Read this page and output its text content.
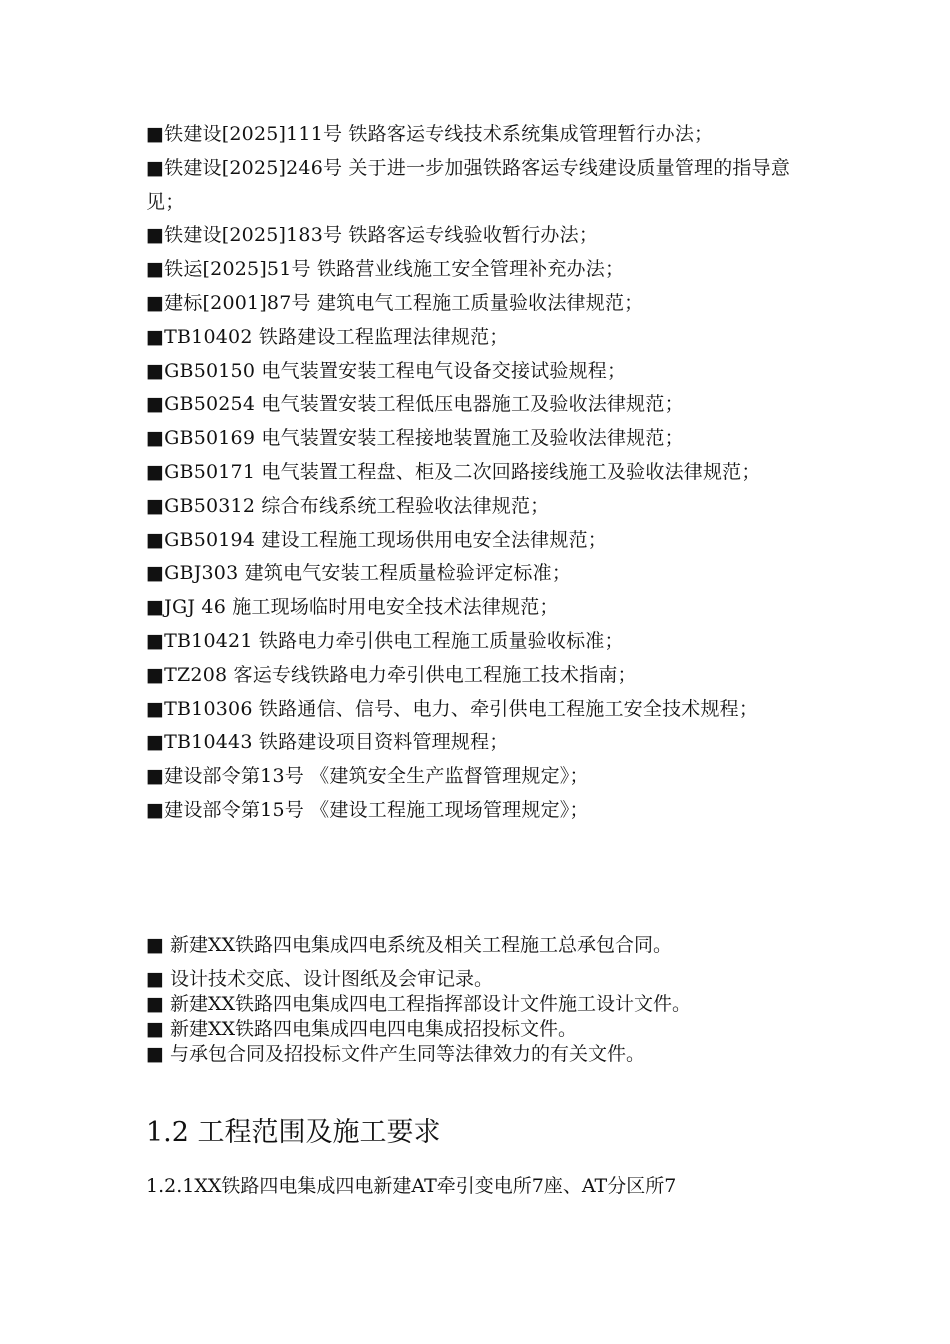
■铁建设[2025]111号 铁路客运专线技术系统集成管理暂行办法；
■铁建设[2025]246号 关于进一步加强铁路客运专线建设质量管理的指导意见；
■铁建设[2025]183号 铁路客运专线验收暂行办法；
■铁运[2025]51号 铁路营业线施工安全管理补充办法；
■建标[2001]87号 建筑电气工程施工质量验收法律规范；
■TB10402 铁路建设工程监理法律规范；
■GB50150 电气装置安装工程电气设备交接试验规程；
■GB50254 电气装置安装工程低压电器施工及验收法律规范；
■GB50169 电气装置安装工程接地装置施工及验收法律规范；
■GB50171 电气装置工程盘、柜及二次回路接线施工及验收法律规范；
■GB50312 综合布线系统工程验收法律规范；
■GB50194 建设工程施工现场供用电安全法律规范；
■GBJ303 建筑电气安装工程质量检验评定标准；
■JGJ 46 施工现场临时用电安全技术法律规范；
■TB10421 铁路电力牵引供电工程施工质量验收标准；
■TZ208 客运专线铁路电力牵引供电工程施工技术指南；
■TB10306 铁路通信、信号、电力、牵引供电工程施工安全技术规程；
■TB10443 铁路建设项目资料管理规程；
■建设部令第13号 《建筑安全生产监督管理规定》；
■建设部令第15号 《建设工程施工现场管理规定》；
■ 新建XX铁路四电集成四电系统及相关工程施工总承包合同。
■ 设计技术交底、设计图纸及会审记录。
■ 新建XX铁路四电集成四电工程指挥部设计文件施工设计文件。
■ 新建XX铁路四电集成四电四电集成招投标文件。
■ 与承包合同及招投标文件产生同等法律效力的有关文件。
1.2 工程范围及施工要求
1.2.1XX铁路四电集成四电新建AT牵引变电所7座、AT分区所7
